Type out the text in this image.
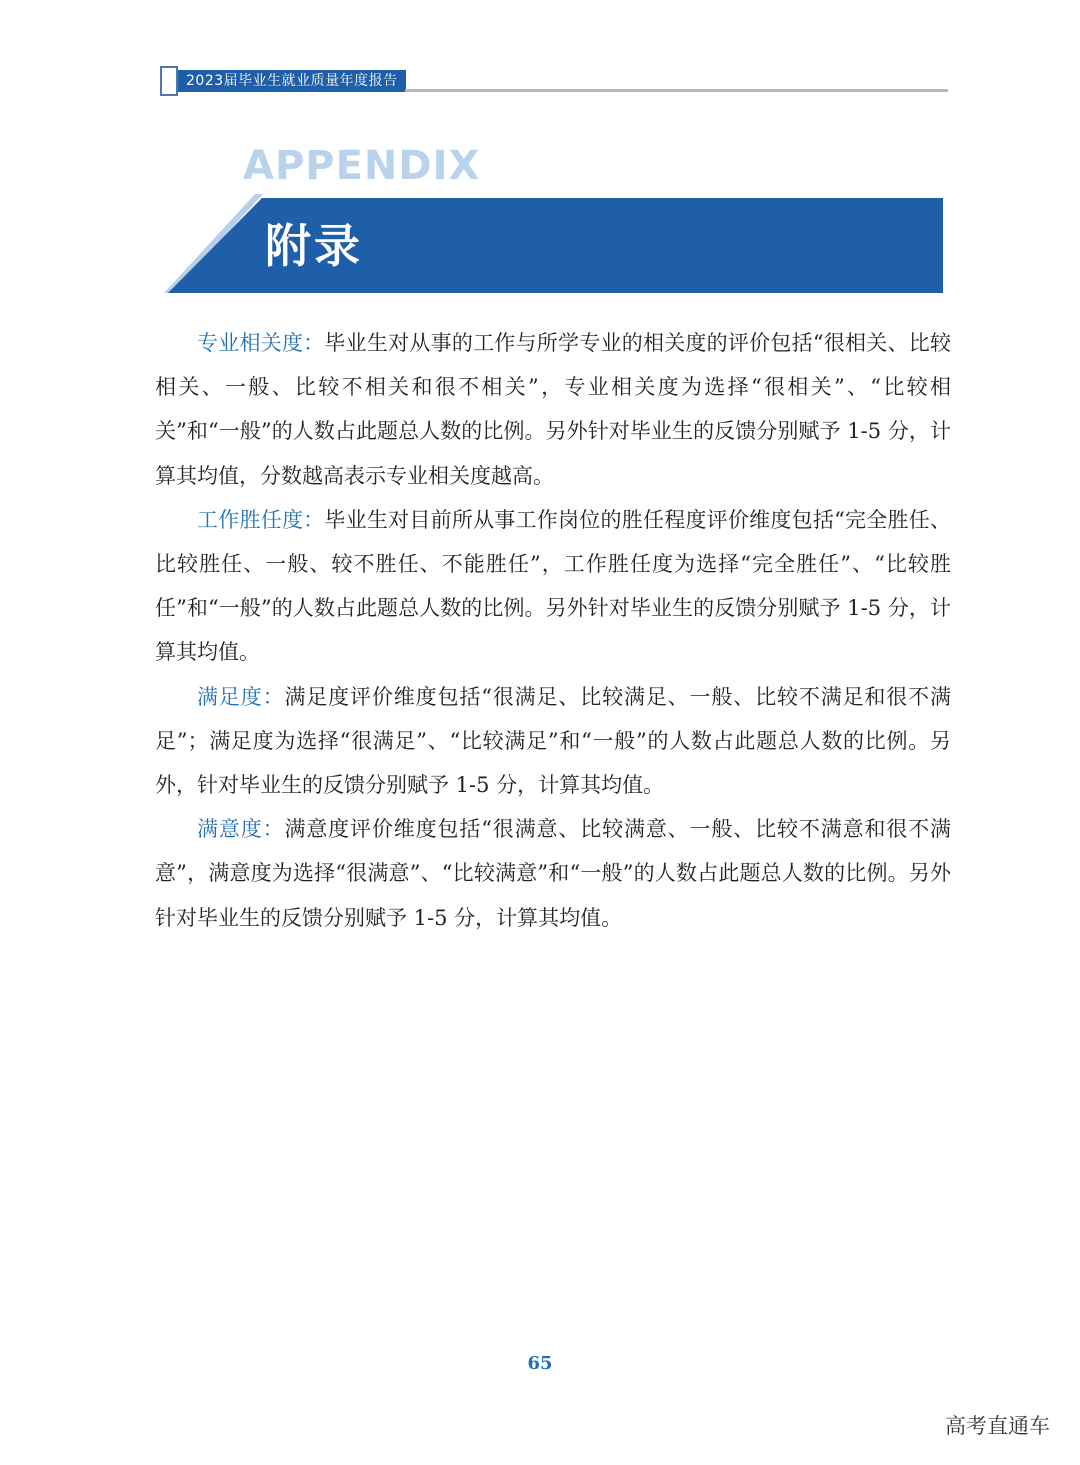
2023届毕业生就业质量年度报告
APPENDIX
附录

专业相关度：毕业生对从事的工作与所学专业的相关度的评价包括“很相关、比较相关、一般、比较不相关和很不相关”，专业相关度为选择“很相关”、“比较相关”和“一般”的人数占此题总人数的比例。另外针对毕业生的反馈分别赋予 1-5 分，计算其均值，分数越高表示专业相关度越高。

工作胜任度：毕业生对目前所从事工作岗位的胜任程度评价维度包括“完全胜任、比较胜任、一般、较不胜任、不能胜任”，工作胜任度为选择“完全胜任”、“比较胜任”和“一般”的人数占此题总人数的比例。另外针对毕业生的反馈分别赋予 1-5 分，计算其均值。

满足度：满足度评价维度包括“很满足、比较满足、一般、比较不满足和很不满足”；满足度为选择“很满足”、“比较满足”和“一般”的人数占此题总人数的比例。另外，针对毕业生的反馈分别赋予 1-5 分，计算其均值。

满意度：满意度评价维度包括“很满意、比较满意、一般、比较不满意和很不满意”，满意度为选择“很满意”、“比较满意”和“一般”的人数占此题总人数的比例。另外针对毕业生的反馈分别赋予 1-5 分，计算其均值。

65
高考直通车
